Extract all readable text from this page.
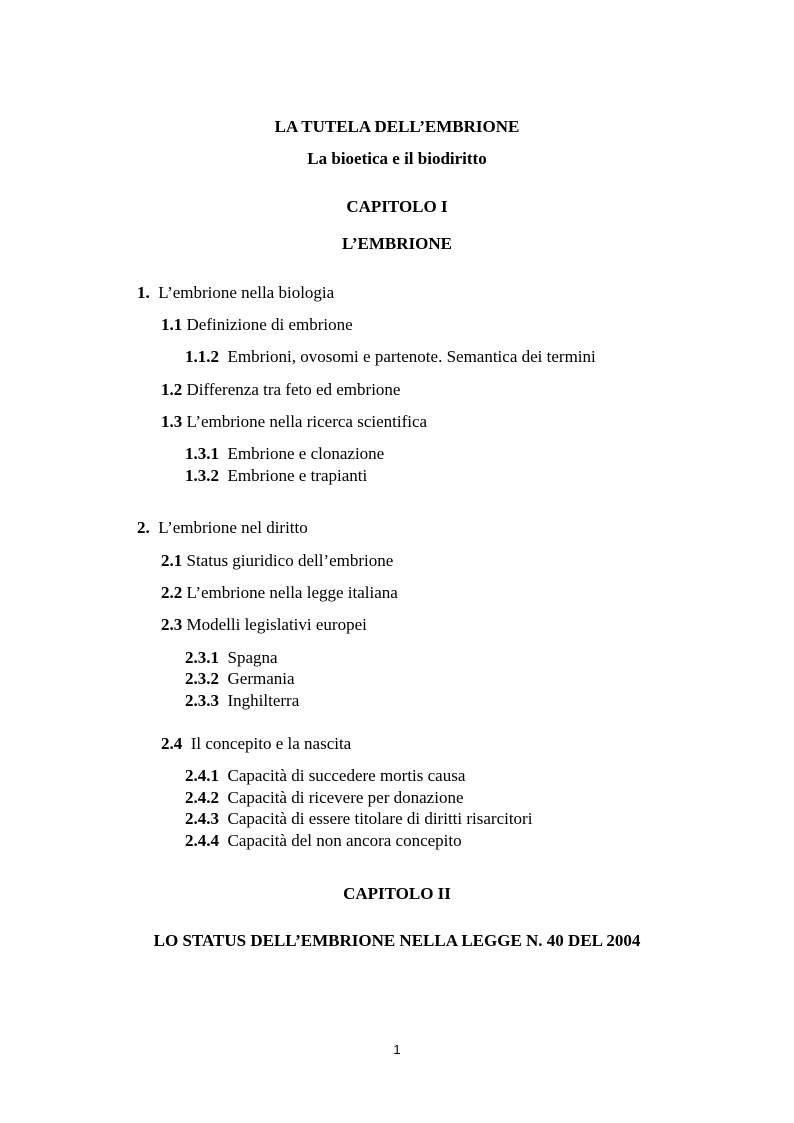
LA TUTELA DELL’EMBRIONE
La bioetica e il biodiritto
CAPITOLO I
L’EMBRIONE
1. L’embrione nella biologia
1.1 Definizione di embrione
1.1.2 Embrioni, ovosomi e partenote. Semantica dei termini
1.2 Differenza tra feto ed embrione
1.3 L’embrione nella ricerca scientifica
1.3.1 Embrione e clonazione
1.3.2 Embrione e trapianti
2. L’embrione nel diritto
2.1 Status giuridico dell’embrione
2.2 L’embrione nella legge italiana
2.3 Modelli legislativi europei
2.3.1 Spagna
2.3.2 Germania
2.3.3 Inghilterra
2.4 Il concepito e la nascita
2.4.1 Capacità di succedere mortis causa
2.4.2 Capacità di ricevere per donazione
2.4.3 Capacità di essere titolare di diritti risarcitori
2.4.4 Capacità del non ancora concepito
CAPITOLO II
LO STATUS DELL’EMBRIONE NELLA LEGGE N. 40 DEL 2004
1
